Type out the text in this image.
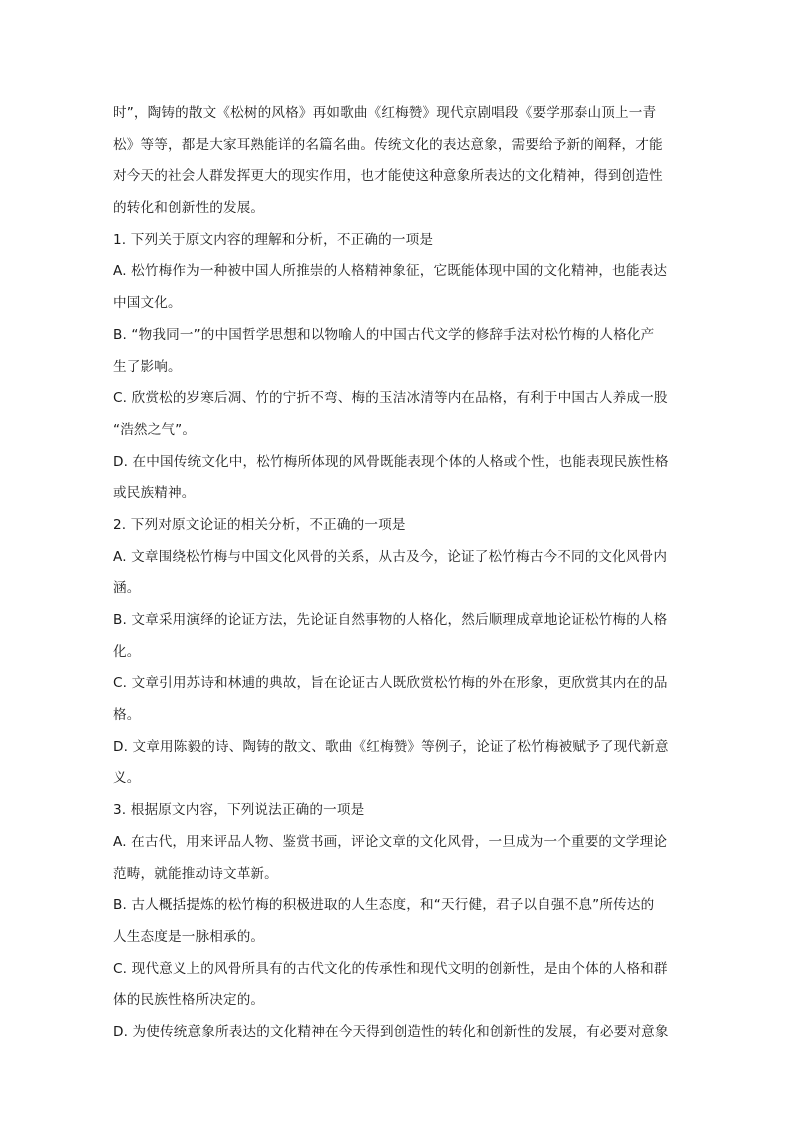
时”，陶铸的散文《松树的风格》再如歌曲《红梅赞》现代京剧唱段《要学那泰山顶上一青
松》等等，都是大家耳熟能详的名篇名曲。传统文化的表达意象，需要给予新的阐释，才能
对今天的社会人群发挥更大的现实作用，也才能使这种意象所表达的文化精神，得到创造性
的转化和创新性的发展。
1. 下列关于原文内容的理解和分析，不正确的一项是
A. 松竹梅作为一种被中国人所推崇的人格精神象征，它既能体现中国的文化精神，也能表达
中国文化。
B. “物我同一”的中国哲学思想和以物喻人的中国古代文学的修辞手法对松竹梅的人格化产
生了影响。
C. 欣赏松的岁寒后凋、竹的宁折不弯、梅的玉洁冰清等内在品格，有利于中国古人养成一股
“浩然之气”。
D. 在中国传统文化中，松竹梅所体现的风骨既能表现个体的人格或个性，也能表现民族性格
或民族精神。
2. 下列对原文论证的相关分析，不正确的一项是
A. 文章围绕松竹梅与中国文化风骨的关系，从古及今，论证了松竹梅古今不同的文化风骨内
涵。
B. 文章采用演绎的论证方法，先论证自然事物的人格化，然后顺理成章地论证松竹梅的人格
化。
C. 文章引用苏诗和林逋的典故，旨在论证古人既欣赏松竹梅的外在形象，更欣赏其内在的品
格。
D. 文章用陈毅的诗、陶铸的散文、歌曲《红梅赞》等例子，论证了松竹梅被赋予了现代新意
义。
3. 根据原文内容，下列说法正确的一项是
A. 在古代，用来评品人物、鉴赏书画，评论文章的文化风骨，一旦成为一个重要的文学理论
范畴，就能推动诗文革新。
B. 古人概括提炼的松竹梅的积极进取的人生态度，和“天行健，君子以自强不息”所传达的
人生态度是一脉相承的。
C. 现代意义上的风骨所具有的古代文化的传承性和现代文明的创新性，是由个体的人格和群
体的民族性格所决定的。
D. 为使传统意象所表达的文化精神在今天得到创造性的转化和创新性的发展，有必要对意象
